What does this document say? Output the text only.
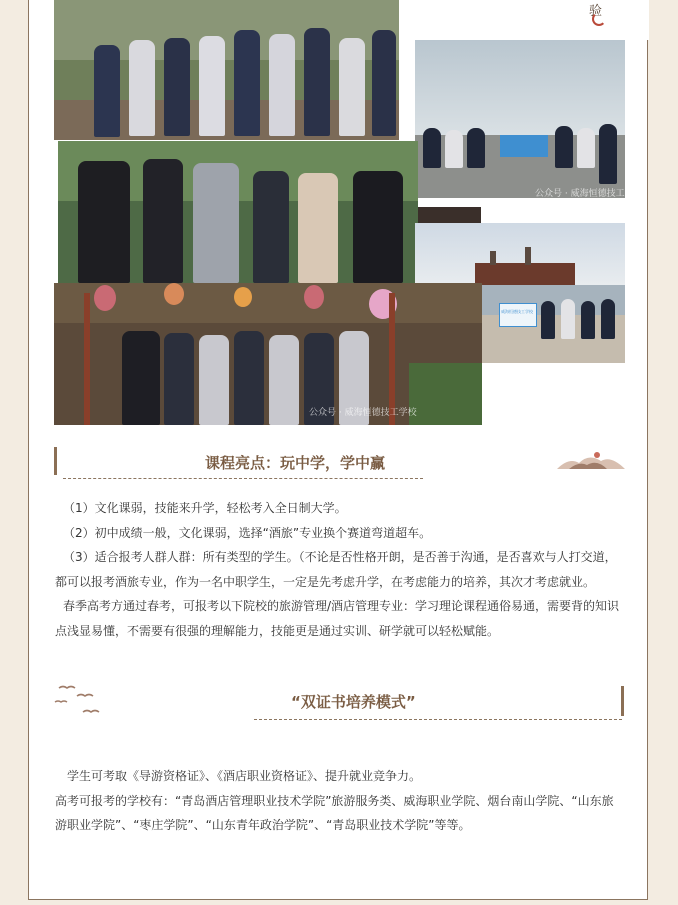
验
公众号 · 威海恒德技工学校
威海恒德技工学校
公众号 · 威海恒德技工学校
课程亮点：玩中学，学中赢

（1）文化课弱，技能来升学，轻松考入全日制大学。

（2）初中成绩一般，文化课弱，选择“酒旅”专业换个赛道弯道超车。

（3）适合报考人群人群：所有类型的学生。（不论是否性格开朗，是否善于沟通，是否喜欢与人打交道，都可以报考酒旅专业，作为一名中职学生，一定是先考虑升学，在考虑能力的培养，其次才考虑就业。

春季高考方通过春考，可报考以下院校的旅游管理/酒店管理专业：学习理论课程通俗易通，需要背的知识点浅显易懂，不需要有很强的理解能力，技能更是通过实训、研学就可以轻松赋能。

“双证书培养模式”

学生可考取《导游资格证》、《酒店职业资格证》、提升就业竞争力。

高考可报考的学校有：“青岛酒店管理职业技术学院”旅游服务类、威海职业学院、烟台南山学院、“山东旅游职业学院”、“枣庄学院”、“山东青年政治学院”、“青岛职业技术学院”等等。
